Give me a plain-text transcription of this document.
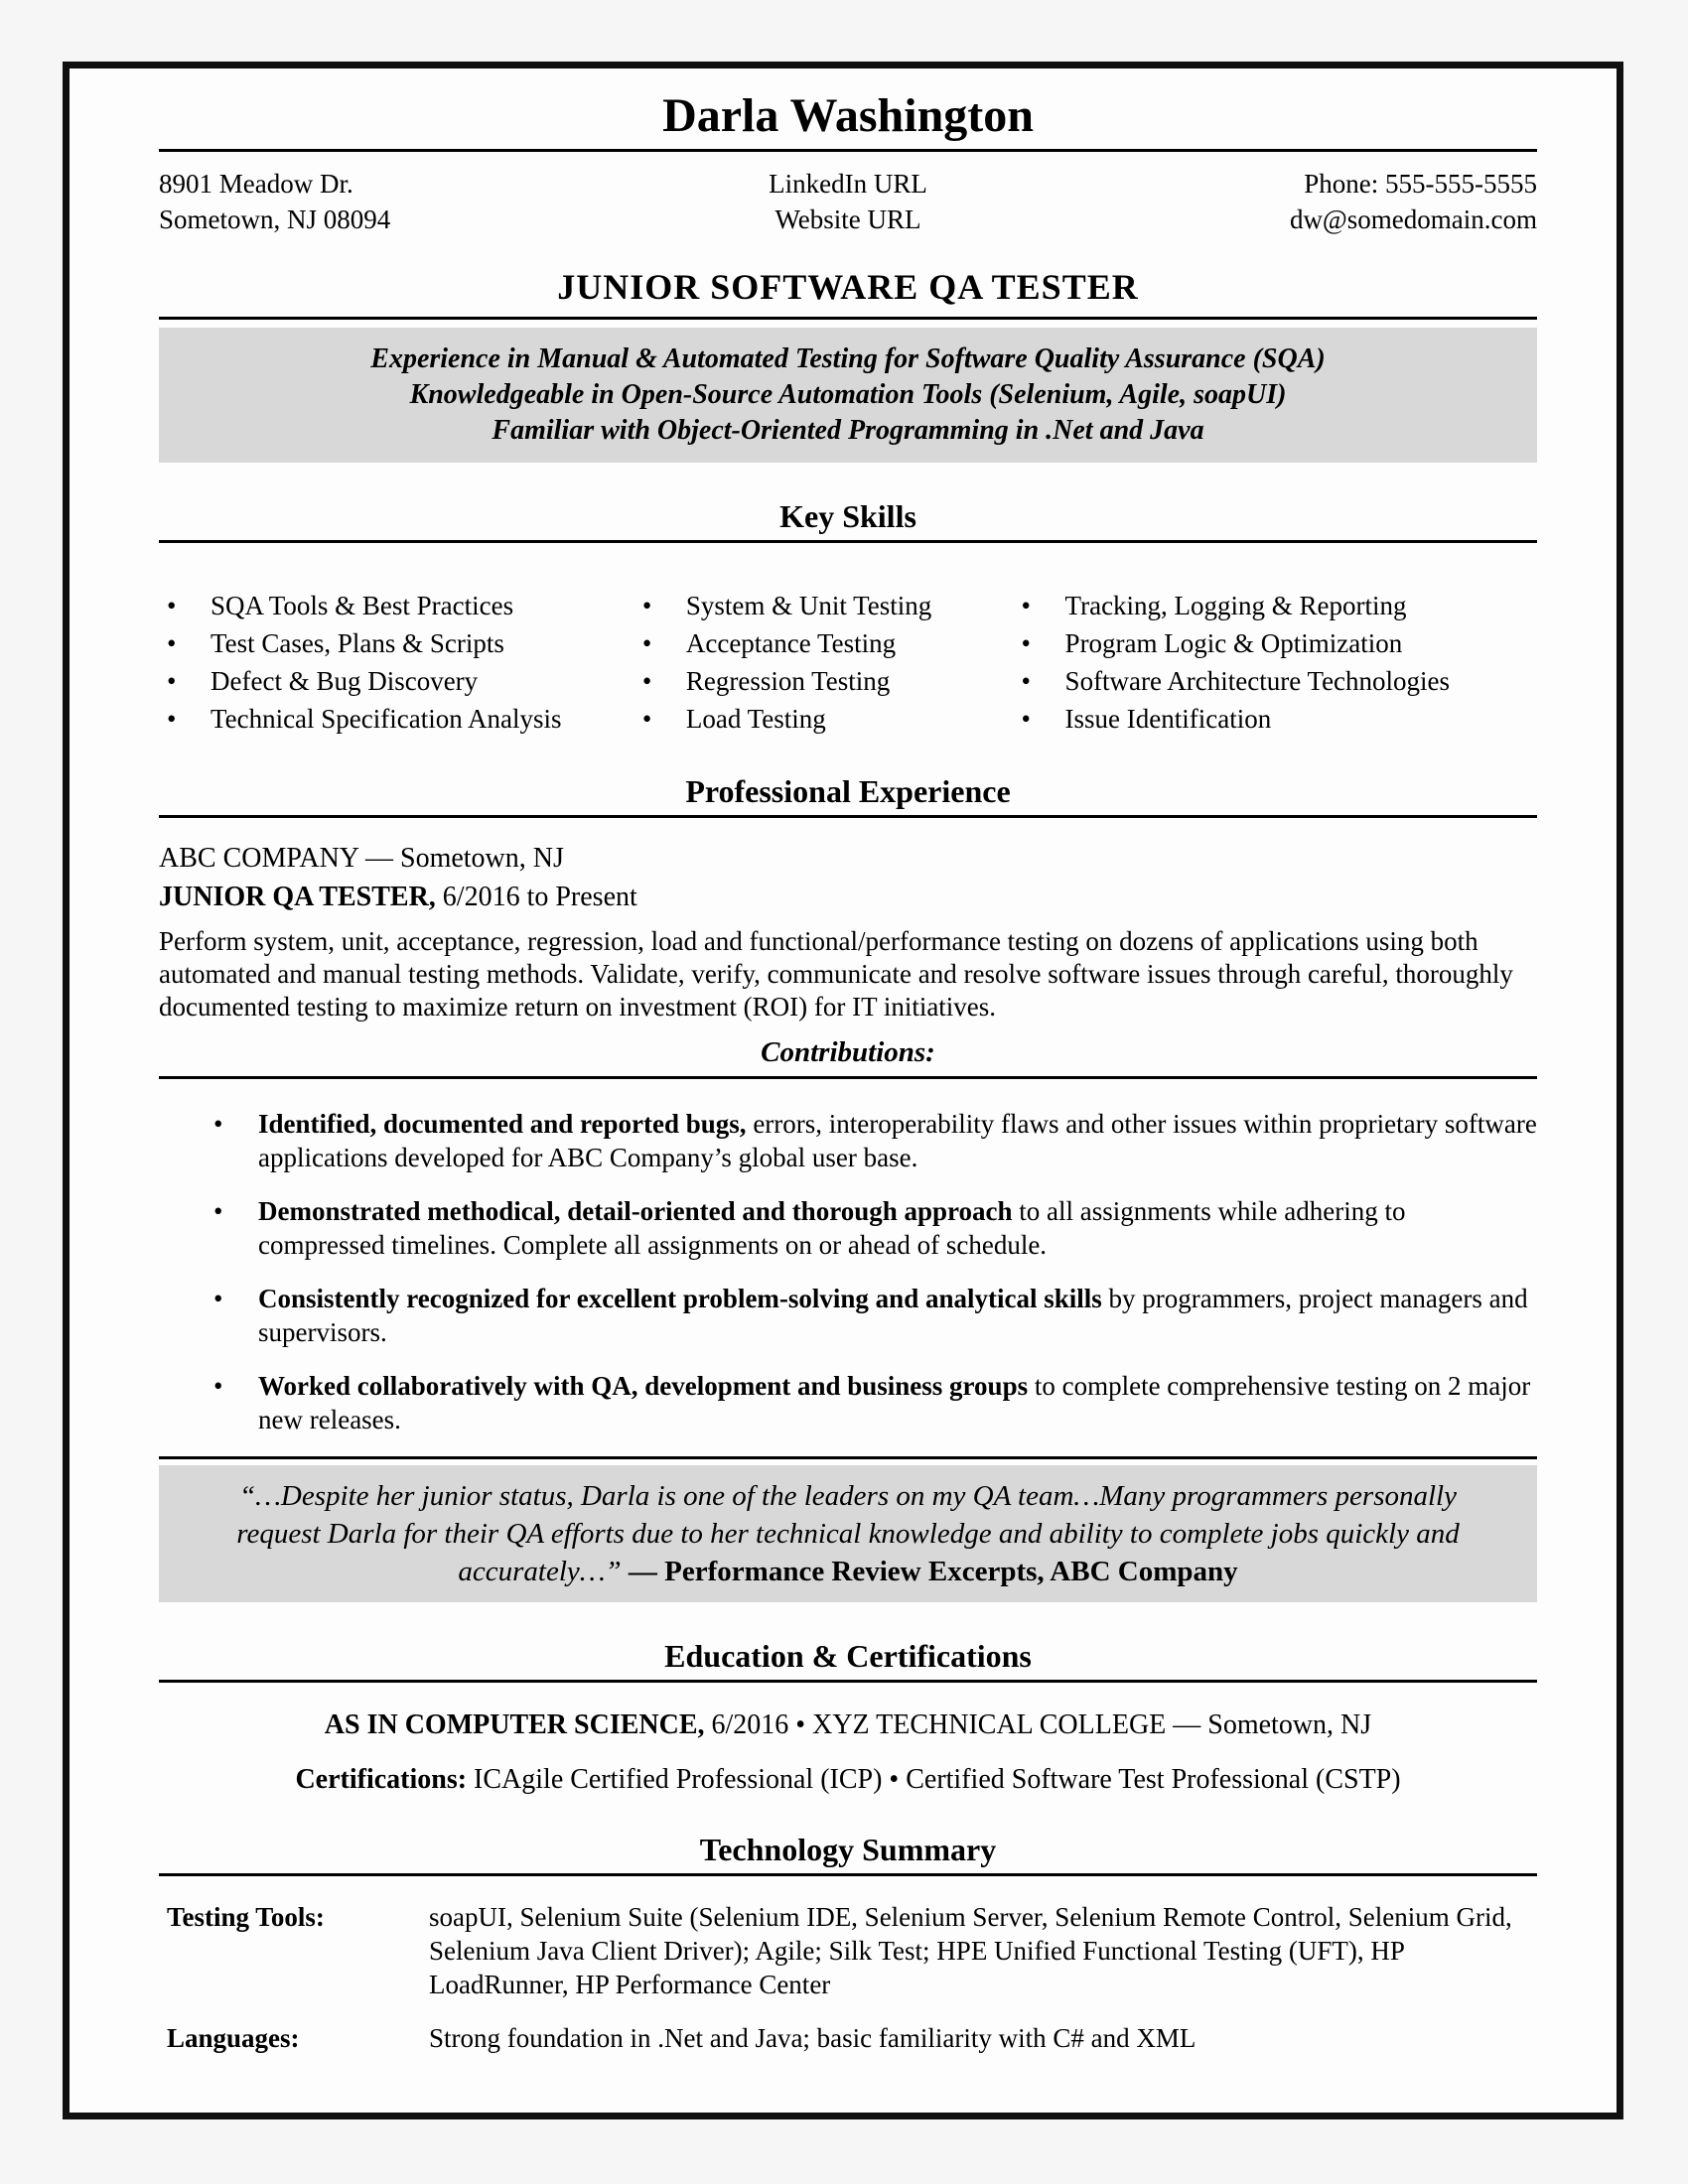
Darla Washington
8901 Meadow Dr.
Sometown, NJ 08094
LinkedIn URL
Website URL
Phone: 555-555-5555
dw@somedomain.com
JUNIOR SOFTWARE QA TESTER
Experience in Manual & Automated Testing for Software Quality Assurance (SQA)
Knowledgeable in Open-Source Automation Tools (Selenium, Agile, soapUI)
Familiar with Object-Oriented Programming in .Net and Java
Key Skills
• SQA Tools & Best Practices
• Test Cases, Plans & Scripts
• Defect & Bug Discovery
• Technical Specification Analysis
• System & Unit Testing
• Acceptance Testing
• Regression Testing
• Load Testing
• Tracking, Logging & Reporting
• Program Logic & Optimization
• Software Architecture Technologies
• Issue Identification
Professional Experience
ABC COMPANY — Sometown, NJ
JUNIOR QA TESTER, 6/2016 to Present
Perform system, unit, acceptance, regression, load and functional/performance testing on dozens of applications using both automated and manual testing methods. Validate, verify, communicate and resolve software issues through careful, thoroughly documented testing to maximize return on investment (ROI) for IT initiatives.
Contributions:
• Identified, documented and reported bugs, errors, interoperability flaws and other issues within proprietary software applications developed for ABC Company’s global user base.
• Demonstrated methodical, detail-oriented and thorough approach to all assignments while adhering to compressed timelines. Complete all assignments on or ahead of schedule.
• Consistently recognized for excellent problem-solving and analytical skills by programmers, project managers and supervisors.
• Worked collaboratively with QA, development and business groups to complete comprehensive testing on 2 major new releases.
“…Despite her junior status, Darla is one of the leaders on my QA team…Many programmers personally request Darla for their QA efforts due to her technical knowledge and ability to complete jobs quickly and accurately…” — Performance Review Excerpts, ABC Company
Education & Certifications
AS IN COMPUTER SCIENCE, 6/2016 • XYZ TECHNICAL COLLEGE — Sometown, NJ
Certifications: ICAgile Certified Professional (ICP) • Certified Software Test Professional (CSTP)
Technology Summary
Testing Tools:	soapUI, Selenium Suite (Selenium IDE, Selenium Server, Selenium Remote Control, Selenium Grid, Selenium Java Client Driver); Agile; Silk Test; HPE Unified Functional Testing (UFT), HP LoadRunner, HP Performance Center
Languages:	Strong foundation in .Net and Java; basic familiarity with C# and XML
